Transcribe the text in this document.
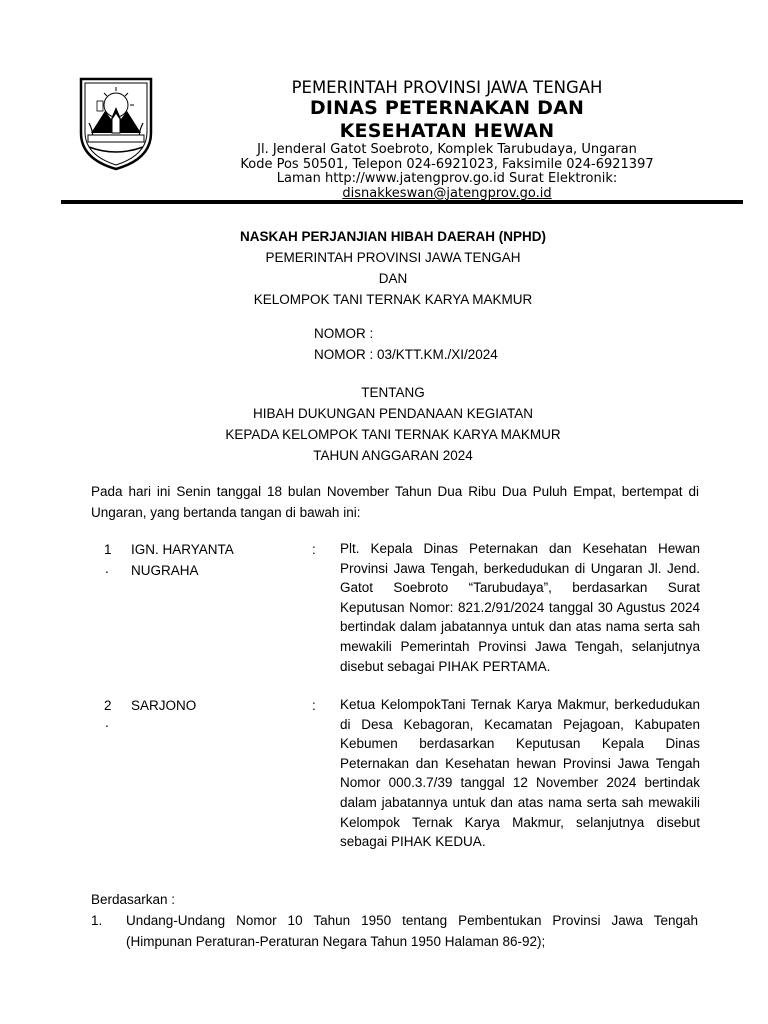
PEMERINTAH PROVINSI JAWA TENGAH
DINAS PETERNAKAN DAN
KESEHATAN HEWAN
Jl. Jenderal Gatot Soebroto, Komplek Tarubudaya, Ungaran
Kode Pos 50501, Telepon 024-6921023, Faksimile 024-6921397
Laman http://www.jatengprov.go.id Surat Elektronik:
disnakkeswan@jatengprov.go.id
NASKAH PERJANJIAN HIBAH DAERAH (NPHD)
PEMERINTAH PROVINSI JAWA TENGAH
DAN
KELOMPOK TANI TERNAK KARYA MAKMUR
NOMOR :
NOMOR : 03/KTT.KM./XI/2024
TENTANG
HIBAH DUKUNGAN PENDANAAN KEGIATAN
KEPADA KELOMPOK TANI TERNAK KARYA MAKMUR
TAHUN ANGGARAN 2024
Pada hari ini Senin tanggal 18 bulan November Tahun Dua Ribu Dua Puluh Empat, bertempat di Ungaran, yang bertanda tangan di bawah ini:
1
.
IGN. HARYANTA NUGRAHA
: Plt. Kepala Dinas Peternakan dan Kesehatan Hewan Provinsi Jawa Tengah, berkedudukan di Ungaran Jl. Jend. Gatot Soebroto “Tarubudaya”, berdasarkan Surat Keputusan Nomor: 821.2/91/2024 tanggal 30 Agustus 2024 bertindak dalam jabatannya untuk dan atas nama serta sah mewakili Pemerintah Provinsi Jawa Tengah, selanjutnya disebut sebagai PIHAK PERTAMA.
2
.
SARJONO	: Ketua KelompokTani Ternak Karya Makmur, berkedudukan di Desa Kebagoran, Kecamatan Pejagoan, Kabupaten Kebumen berdasarkan Keputusan Kepala Dinas Peternakan dan Kesehatan hewan Provinsi Jawa Tengah Nomor 000.3.7/39 tanggal 12 November 2024 bertindak dalam jabatannya untuk dan atas nama serta sah mewakili Kelompok Ternak Karya Makmur, selanjutnya disebut sebagai PIHAK KEDUA.
Berdasarkan :
1. Undang-Undang Nomor 10 Tahun 1950 tentang Pembentukan Provinsi Jawa Tengah (Himpunan Peraturan-Peraturan Negara Tahun 1950 Halaman 86-92);
